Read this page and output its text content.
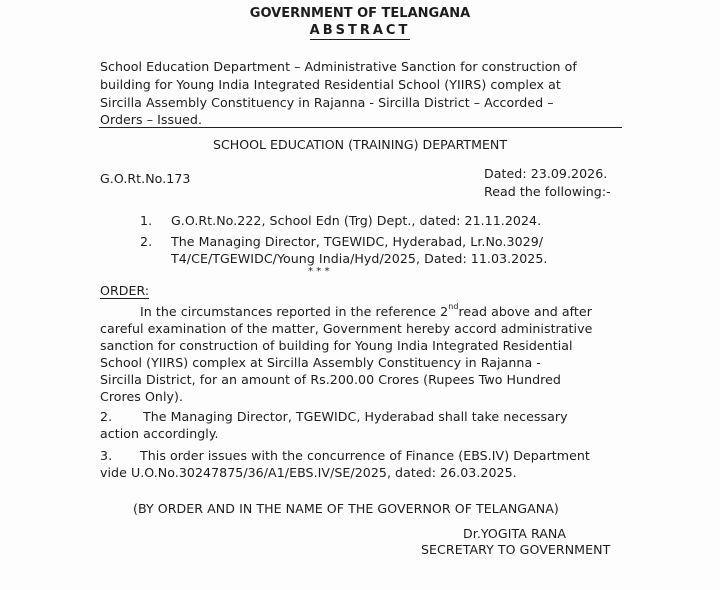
GOVERNMENT OF TELANGANA
ABSTRACT
School Education Department – Administrative Sanction for construction of
building for Young India Integrated Residential School (YIIRS) complex at
Sircilla Assembly Constituency in Rajanna - Sircilla District – Accorded –
Orders – Issued.
SCHOOL EDUCATION (TRAINING) DEPARTMENT
G.O.Rt.No.173	Dated: 23.09.2026.
Read the following:-
1. G.O.Rt.No.222, School Edn (Trg) Dept., dated: 21.11.2024.
2. The Managing Director, TGEWIDC, Hyderabad, Lr.No.3029/
T4/CE/TGEWIDC/Young India/Hyd/2025, Dated: 11.03.2025.
* * *
ORDER:
In the circumstances reported in the reference 2ndread above and after
careful examination of the matter, Government hereby accord administrative
sanction for construction of building for Young India Integrated Residential
School (YIIRS) complex at Sircilla Assembly Constituency in Rajanna -
Sircilla District, for an amount of Rs.200.00 Crores (Rupees Two Hundred
Crores Only).
2. The Managing Director, TGEWIDC, Hyderabad shall take necessary
action accordingly.
3. This order issues with the concurrence of Finance (EBS.IV) Department
vide U.O.No.30247875/36/A1/EBS.IV/SE/2025, dated: 26.03.2025.
(BY ORDER AND IN THE NAME OF THE GOVERNOR OF TELANGANA)
Dr.YOGITA RANA
SECRETARY TO GOVERNMENT
